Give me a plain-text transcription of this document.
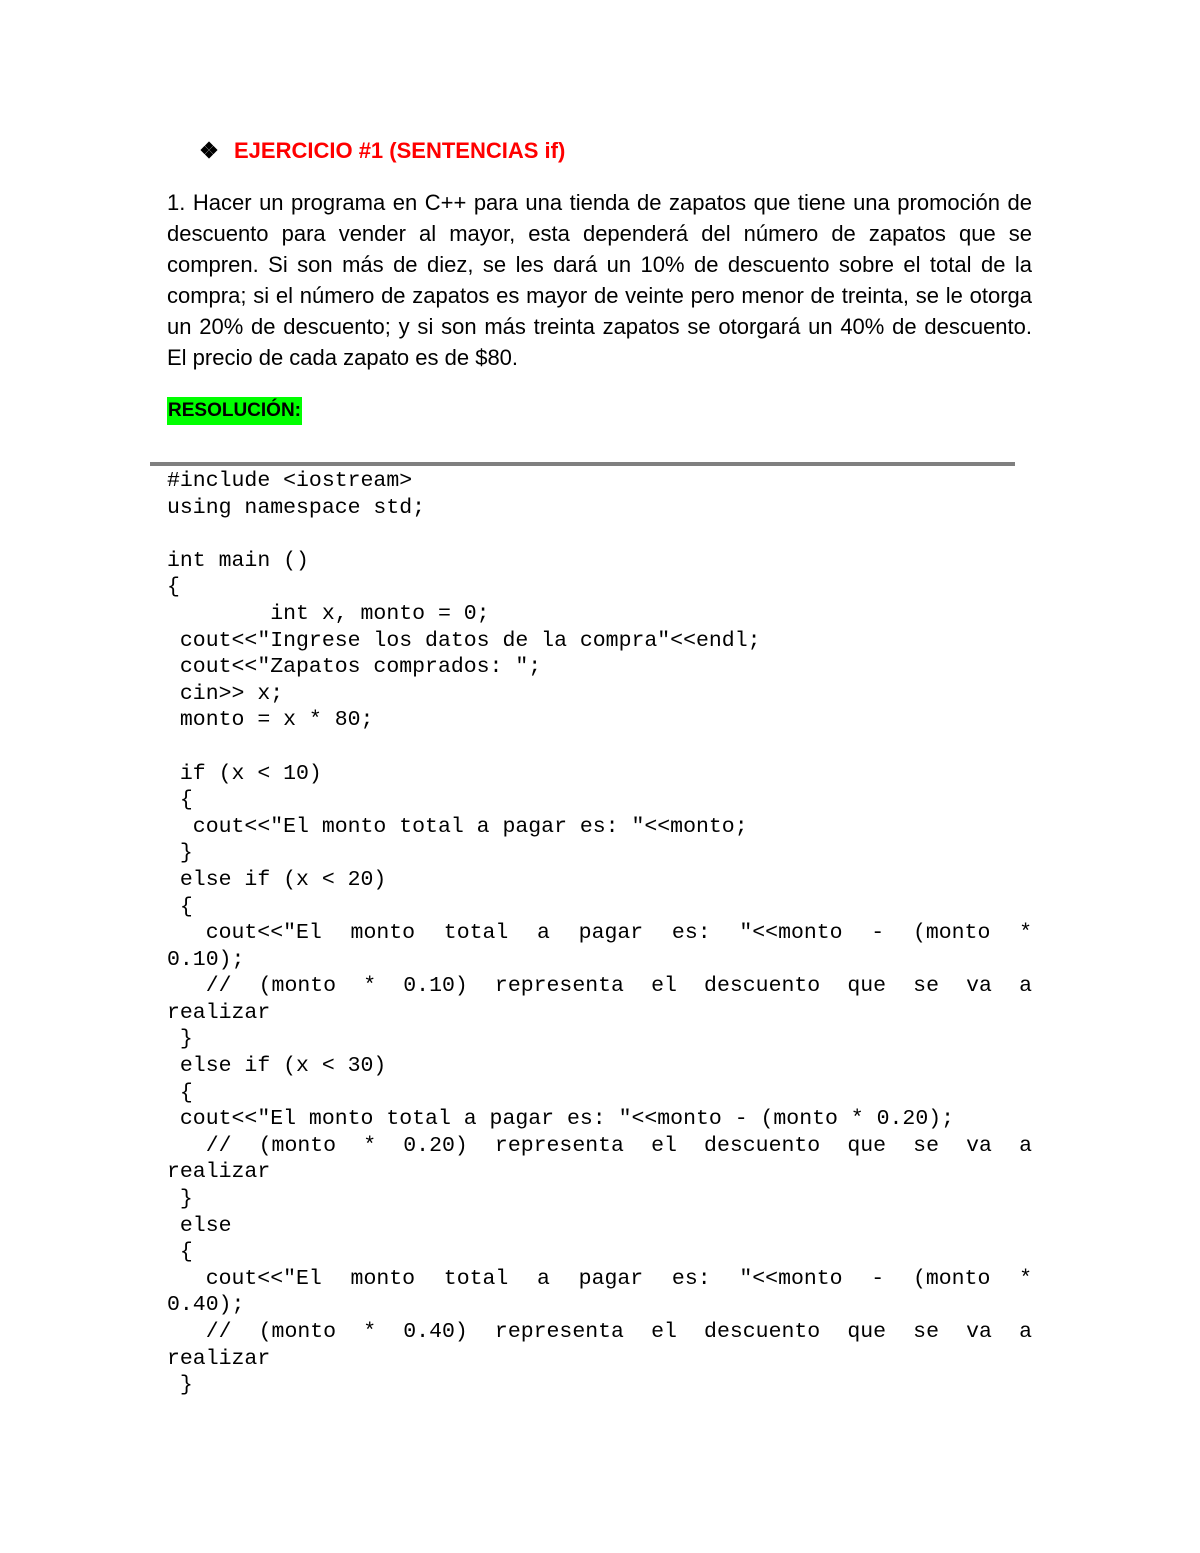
❖ EJERCICIO #1 (SENTENCIAS if)
1. Hacer un programa en C++ para una tienda de zapatos que tiene una promoción de descuento para vender al mayor, esta dependerá del número de zapatos que se compren. Si son más de diez, se les dará un 10% de descuento sobre el total de la compra; si el número de zapatos es mayor de veinte pero menor de treinta, se le otorga un 20% de descuento; y si son más treinta zapatos se otorgará un 40% de descuento. El precio de cada zapato es de $80.
RESOLUCIÓN:
#include <iostream>
using namespace std;
int main ()
{
int x, monto = 0;
cout<<"Ingrese los datos de la compra"<<endl;
cout<<"Zapatos comprados: ";
cin>> x;
monto = x * 80;
if (x < 10)
{
cout<<"El monto total a pagar es: "<<monto;
}
else if (x < 20)
{
cout<<"El monto total a pagar es: "<<monto - (monto *
0.10);
// (monto * 0.10) representa el descuento que se va a
realizar
}
else if (x < 30)
{
cout<<"El monto total a pagar es: "<<monto - (monto * 0.20);
// (monto * 0.20) representa el descuento que se va a
realizar
}
else
{
cout<<"El monto total a pagar es: "<<monto - (monto *
0.40);
// (monto * 0.40) representa el descuento que se va a
realizar
}
